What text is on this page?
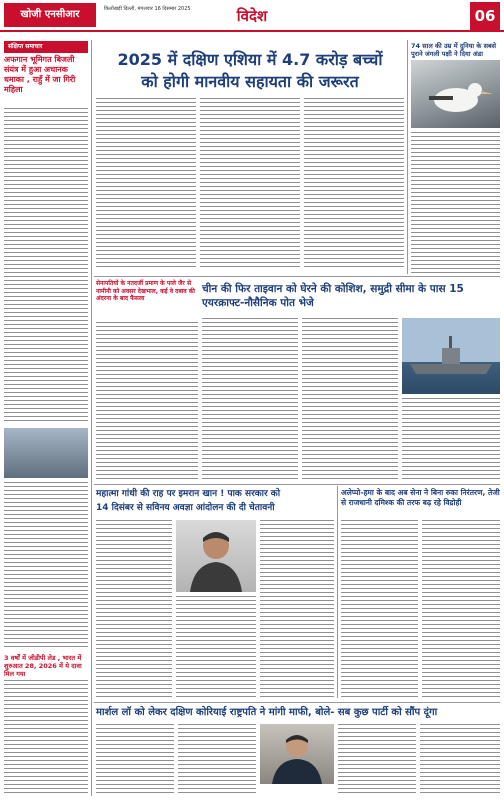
खोजी एनसीआर	किलोखड़ी दिल्ली, मंगलवार 16 दिसम्बर 2025	विदेश	06
संक्षिप्त समाचार
अफगान भूमिगत बिजली संयंत्र में हुआ अचानक धमाका , राहुँ में जा गिरी महिला
3 वर्षों में जीडीपी लेड , भारत में शुरुआत 28, 2026 में ये दावा मिल गया
2025 में दक्षिण एशिया में 4.7 करोड़ बच्चों
को होगी मानवीय सहायता की जरूरत
74 साल की उम्र में दुनिया के सबसे पुराने जंगली पक्षी ने दिया अंडा
सेनापतियों के नतदर्जी प्रमाण के पाले जैर से नामीनी को अवसर देखभाल, कई वे दबाव की अंदरना के बाद फैसला
चीन की फिर ताइवान को घेरने की कोशिश, समुद्री सीमा के पास 15 एयरक्राफ्ट-नौसैनिक पोत भेजे
महात्मा गांधी की राह पर इमरान खान ! पाक सरकार को
14 दिसंबर से सविनय अवज्ञा आंदोलन की दी चेतावनी
अलेप्पो-हमा के बाद अब सेना ने बिना रुका निरंतरण, तेजी से राजधानी दमिश्क की तरफ बढ़ रहे विद्रोही
मार्शल लॉ को लेकर दक्षिण कोरियाई राष्ट्रपति ने मांगी माफी, बोले- सब कुछ पार्टी को सौंप दूंगा
